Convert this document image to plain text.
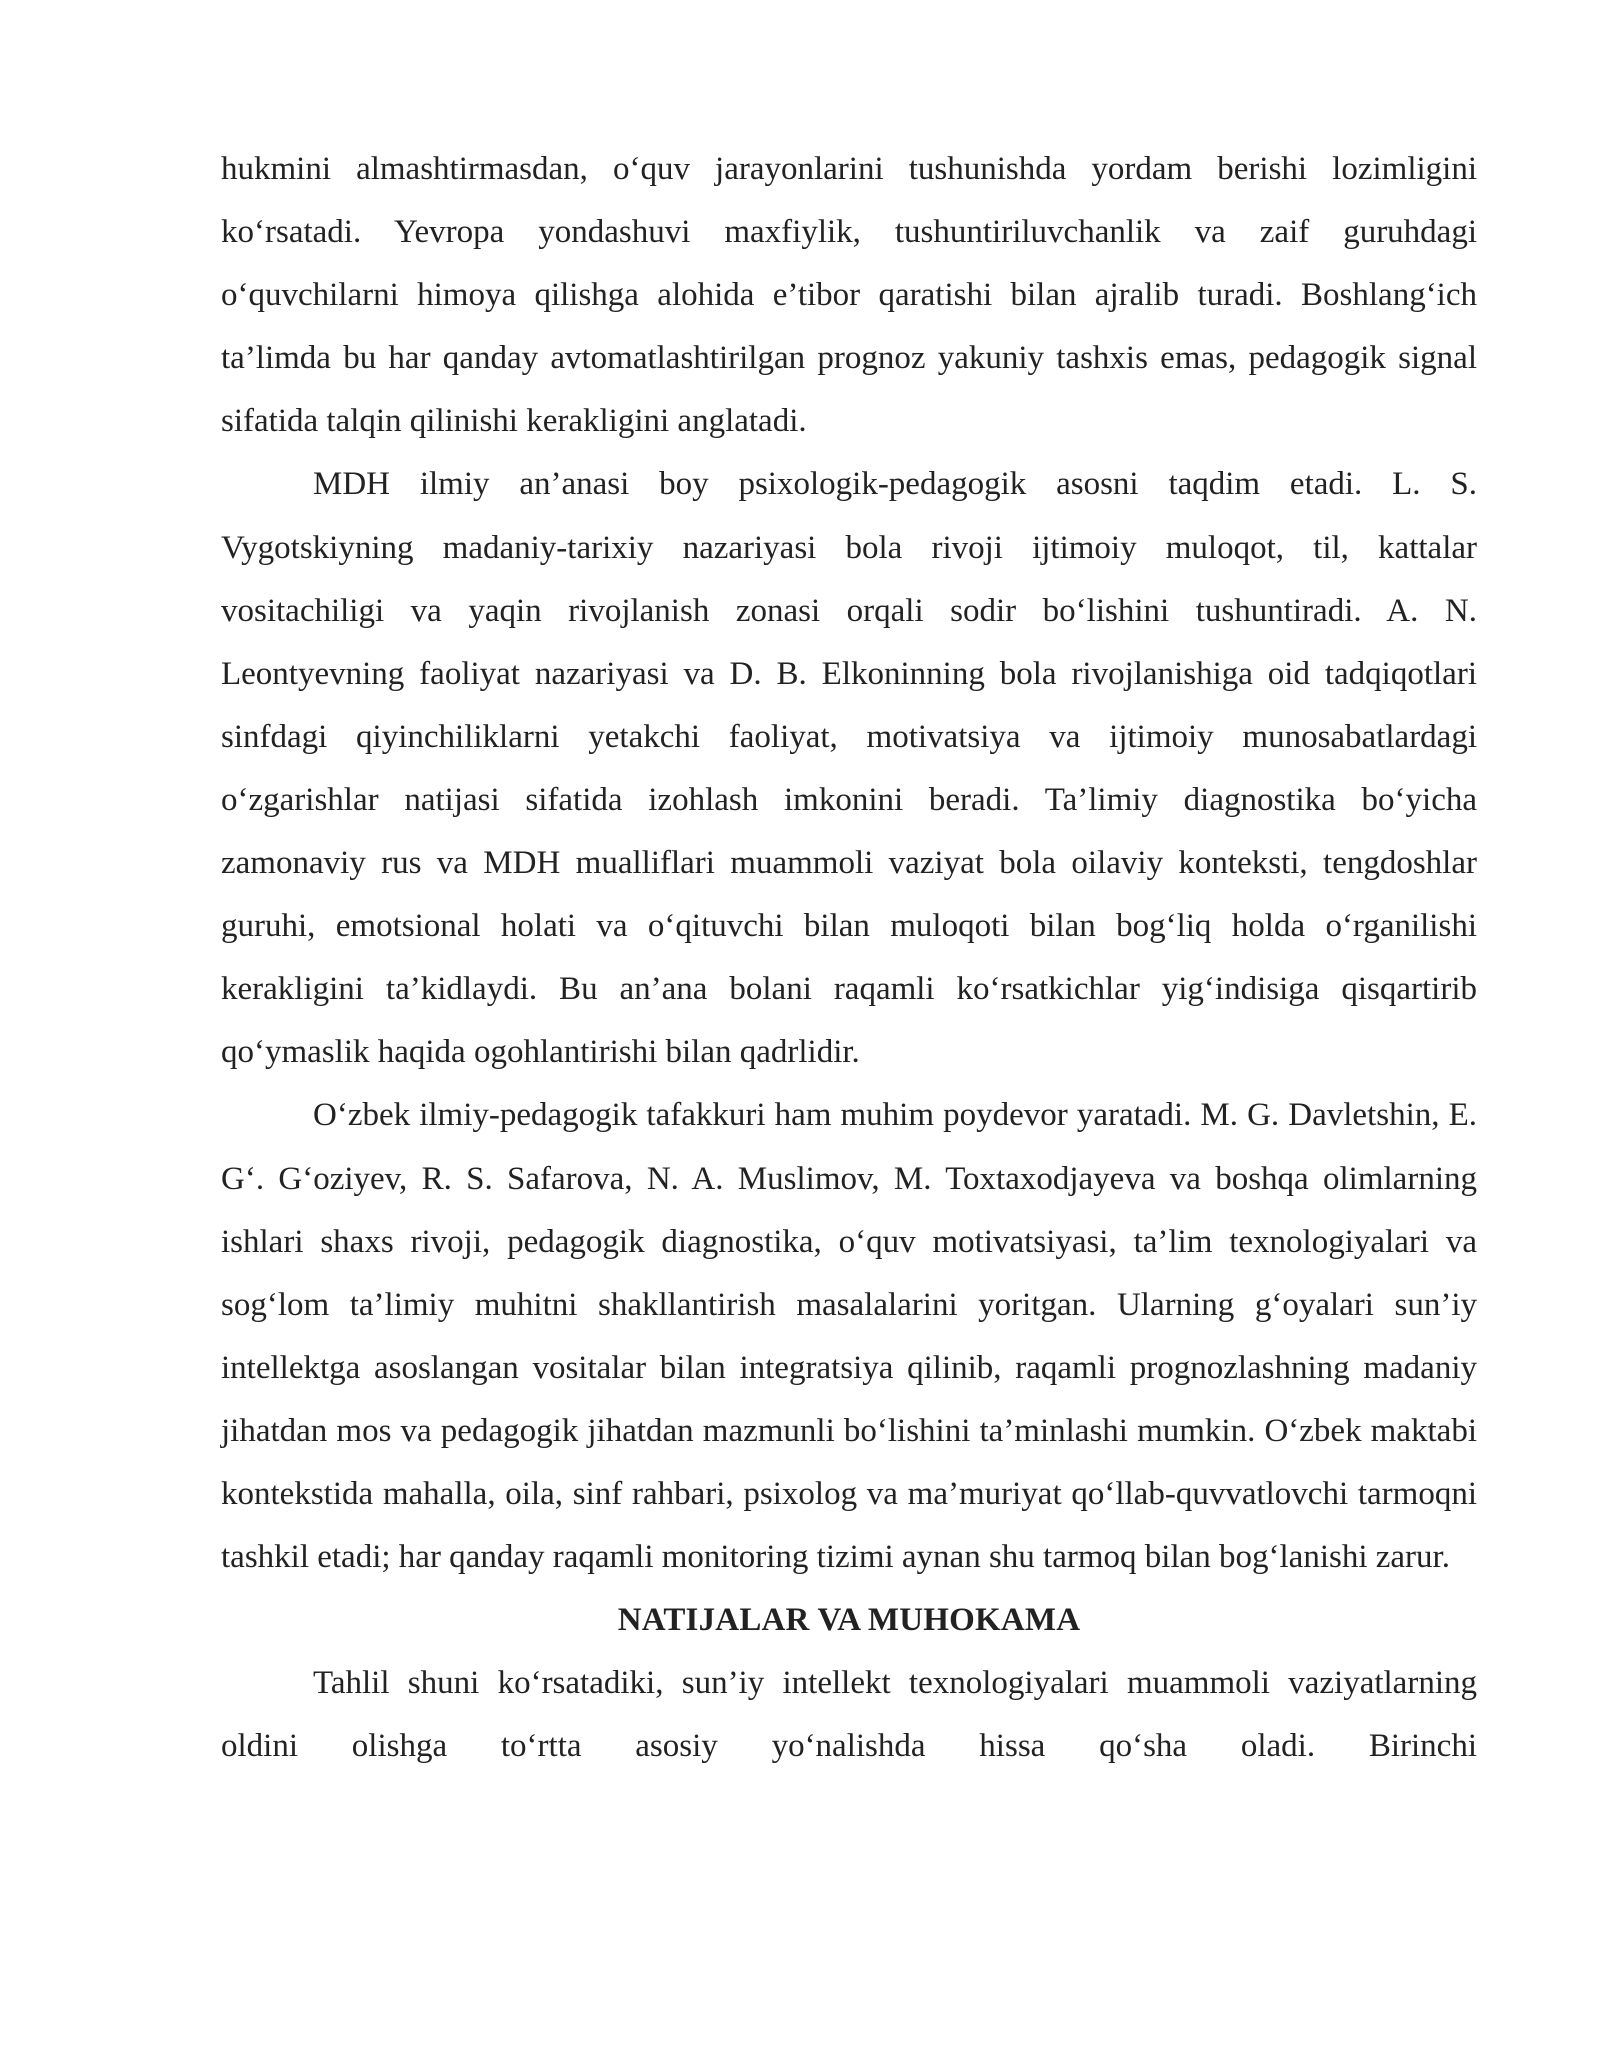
hukmini almashtirmasdan, o‘quv jarayonlarini tushunishda yordam berishi lozimligini ko‘rsatadi. Yevropa yondashuvi maxfiylik, tushuntiriluvchanlik va zaif guruhdagi o‘quvchilarni himoya qilishga alohida e’tibor qaratishi bilan ajralib turadi. Boshlang‘ich ta’limda bu har qanday avtomatlashtirilgan prognoz yakuniy tashxis emas, pedagogik signal sifatida talqin qilinishi kerakligini anglatadi.

MDH ilmiy an’anasi boy psixologik-pedagogik asosni taqdim etadi. L. S. Vygotskiyning madaniy-tarixiy nazariyasi bola rivoji ijtimoiy muloqot, til, kattalar vositachiligi va yaqin rivojlanish zonasi orqali sodir bo‘lishini tushuntiradi. A. N. Leontyevning faoliyat nazariyasi va D. B. Elkoninning bola rivojlanishiga oid tadqiqotlari sinfdagi qiyinchiliklarni yetakchi faoliyat, motivatsiya va ijtimoiy munosabatlardagi o‘zgarishlar natijasi sifatida izohlash imkonini beradi. Ta’limiy diagnostika bo‘yicha zamonaviy rus va MDH mualliflari muammoli vaziyat bola oilaviy konteksti, tengdoshlar guruhi, emotsional holati va o‘qituvchi bilan muloqoti bilan bog‘liq holda o‘rganilishi kerakligini ta’kidlaydi. Bu an’ana bolani raqamli ko‘rsatkichlar yig‘indisiga qisqartirib qo‘ymaslik haqida ogohlantirishi bilan qadrlidir.

O‘zbek ilmiy-pedagogik tafakkuri ham muhim poydevor yaratadi. M. G. Davletshin, E. G‘. G‘oziyev, R. S. Safarova, N. A. Muslimov, M. Toxtaxodjayeva va boshqa olimlarning ishlari shaxs rivoji, pedagogik diagnostika, o‘quv motivatsiyasi, ta’lim texnologiyalari va sog‘lom ta’limiy muhitni shakllantirish masalalarini yoritgan. Ularning g‘oyalari sun’iy intellektga asoslangan vositalar bilan integratsiya qilinib, raqamli prognozlashning madaniy jihatdan mos va pedagogik jihatdan mazmunli bo‘lishini ta’minlashi mumkin. O‘zbek maktabi kontekstida mahalla, oila, sinf rahbari, psixolog va ma’muriyat qo‘llab-quvvatlovchi tarmoqni tashkil etadi; har qanday raqamli monitoring tizimi aynan shu tarmoq bilan bog‘lanishi zarur.

NATIJALAR VA MUHOKAMA

Tahlil shuni ko‘rsatadiki, sun’iy intellekt texnologiyalari muammoli vaziyatlarning oldini olishga to‘rtta asosiy yo‘nalishda hissa qo‘sha oladi. Birinchi
